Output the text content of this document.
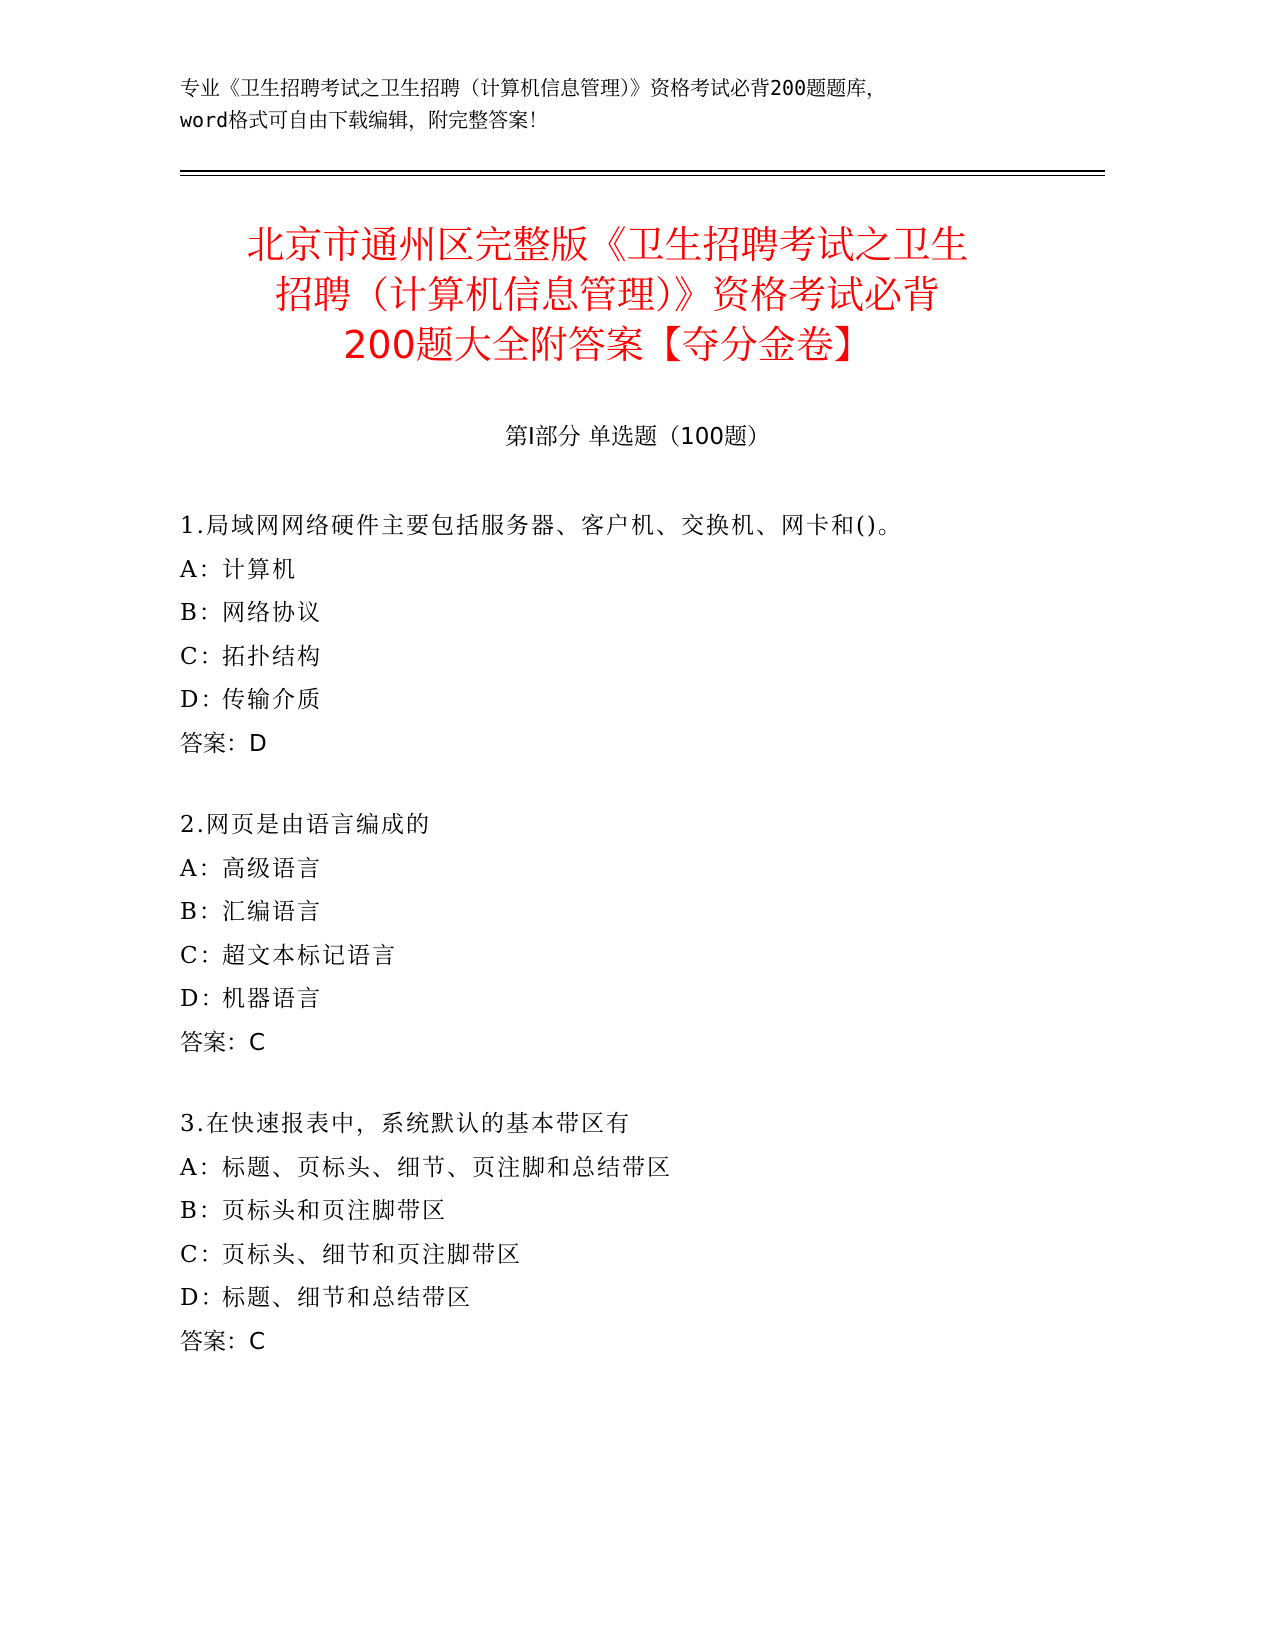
专业《卫生招聘考试之卫生招聘（计算机信息管理）》资格考试必背200题题库，
word格式可自由下载编辑，附完整答案！
北京市通州区完整版《卫生招聘考试之卫生
招聘（计算机信息管理）》资格考试必背
200题大全附答案【夺分金卷】
第Ⅰ部分 单选题（100题）
1.局域网网络硬件主要包括服务器、客户机、交换机、网卡和()。
A：计算机
B：网络协议
C：拓扑结构
D：传输介质
答案：D
2.网页是由语言编成的
A：高级语言
B：汇编语言
C：超文本标记语言
D：机器语言
答案：C
3.在快速报表中，系统默认的基本带区有
A：标题、页标头、细节、页注脚和总结带区
B：页标头和页注脚带区
C：页标头、细节和页注脚带区
D：标题、细节和总结带区
答案：C
